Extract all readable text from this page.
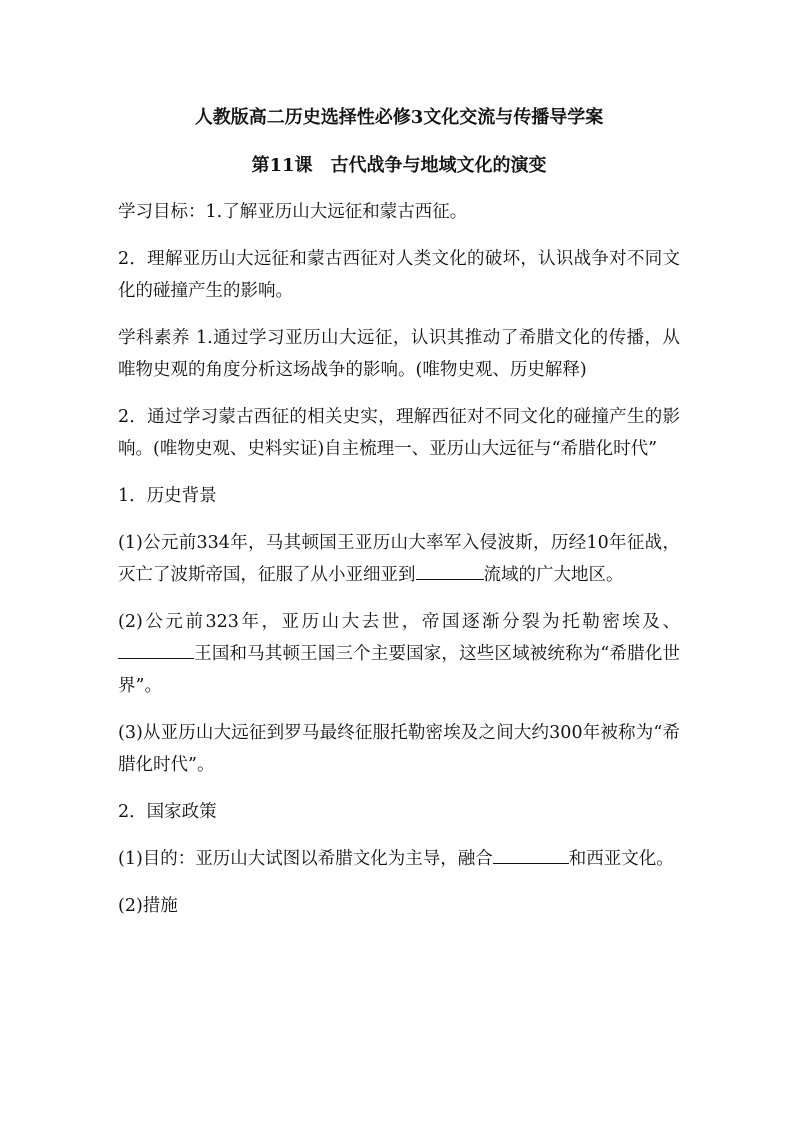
人教版高二历史选择性必修3文化交流与传播导学案

第11课　古代战争与地域文化的演变

学习目标：1.了解亚历山大远征和蒙古西征。

2．理解亚历山大远征和蒙古西征对人类文化的破坏，认识战争对不同文化的碰撞产生的影响。

学科素养 1.通过学习亚历山大远征，认识其推动了希腊文化的传播，从唯物史观的角度分析这场战争的影响。(唯物史观、历史解释)

2．通过学习蒙古西征的相关史实，理解西征对不同文化的碰撞产生的影响。(唯物史观、史料实证)自主梳理一、亚历山大远征与“希腊化时代”

1．历史背景

(1)公元前334年，马其顿国王亚历山大率军入侵波斯，历经10年征战，灭亡了波斯帝国，征服了从小亚细亚到	流域的广大地区。

(2)公元前323年，亚历山大去世，帝国逐渐分裂为托勒密埃及、王国和马其顿王国三个主要国家，这些区域被统称为“希腊化世界”。

(3)从亚历山大远征到罗马最终征服托勒密埃及之间大约300年被称为“希腊化时代”。

2．国家政策

(1)目的：亚历山大试图以希腊文化为主导，融合	和西亚文化。

(2)措施
